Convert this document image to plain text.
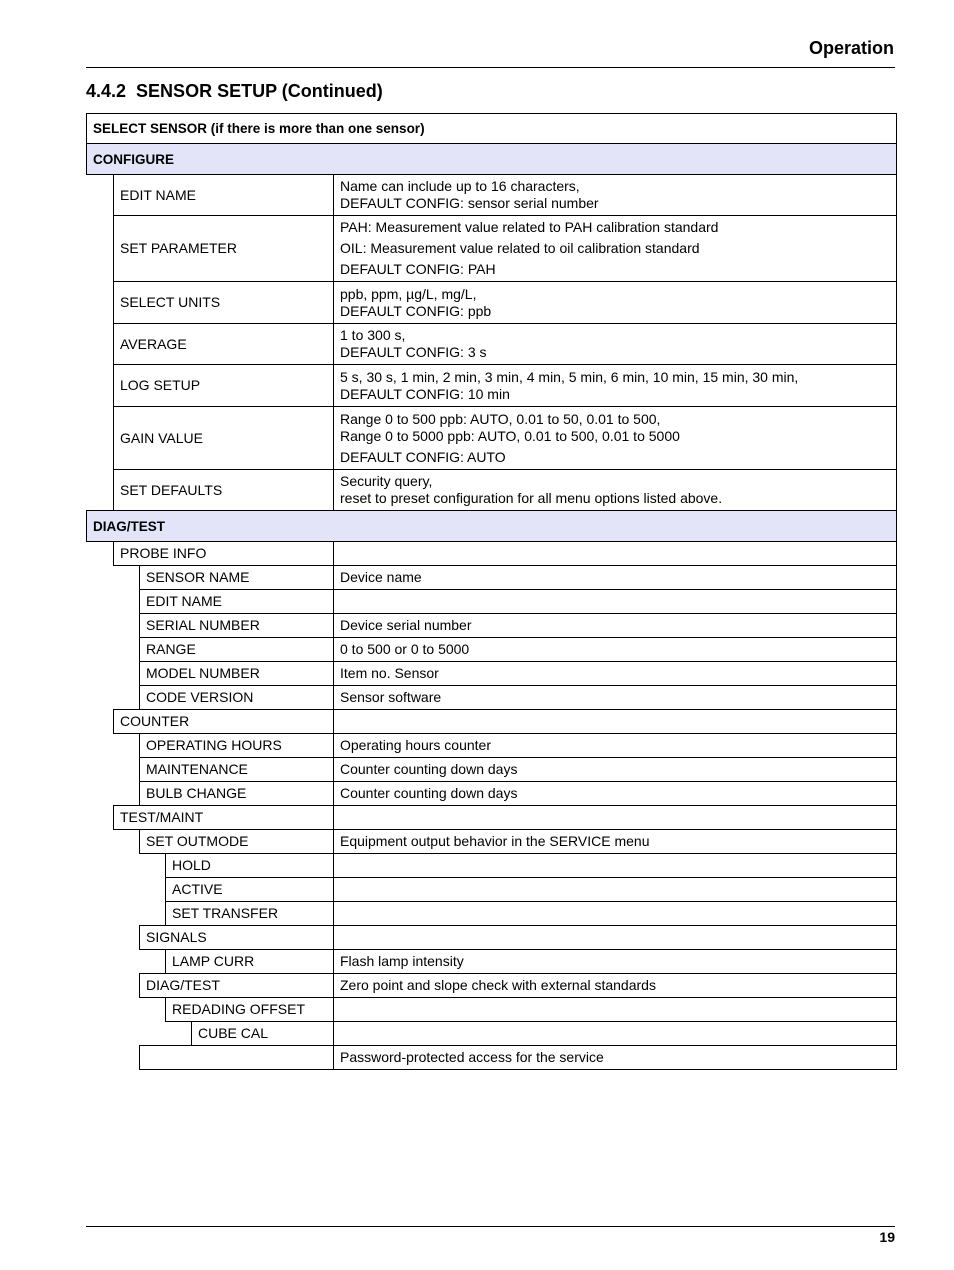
Operation
4.4.2 SENSOR SETUP (Continued)
SELECT SENSOR (if there is more than one sensor)					
CONFIGURE					
	EDIT NAME				Name can include up to 16 characters,
DEFAULT CONFIG: sensor serial number

	SET PARAMETER				PAH: Measurement value related to PAH calibration standard
OIL: Measurement value related to oil calibration standard
DEFAULT CONFIG: PAH

	SELECT UNITS				ppb, ppm, µg/L, mg/L,
DEFAULT CONFIG: ppb

	AVERAGE				1 to 300 s,
DEFAULT CONFIG: 3 s

	LOG SETUP				5 s, 30 s, 1 min, 2 min, 3 min, 4 min, 5 min, 6 min, 10 min, 15 min, 30 min,
DEFAULT CONFIG: 10 min

	GAIN VALUE				Range 0 to 500 ppb: AUTO, 0.01 to 50, 0.01 to 500,
Range 0 to 5000 ppb: AUTO, 0.01 to 500, 0.01 to 5000
DEFAULT CONFIG: AUTO

	SET DEFAULTS				Security query,
reset to preset configuration for all menu options listed above.

DIAG/TEST					
	PROBE INFO				
		SENSOR NAME			Device name
		EDIT NAME			
		SERIAL NUMBER			Device serial number
		RANGE			0 to 500 or 0 to 5000
		MODEL NUMBER			Item no. Sensor
		CODE VERSION			Sensor software
	COUNTER				
		OPERATING HOURS			Operating hours counter
		MAINTENANCE			Counter counting down days
		BULB CHANGE			Counter counting down days
	TEST/MAINT				
		SET OUTMODE			Equipment output behavior in the SERVICE menu
			HOLD		
			ACTIVE		
			SET TRANSFER		
		SIGNALS			
			LAMP CURR		Flash lamp intensity
		DIAG/TEST			Zero point and slope check with external standards
			REDADING OFFSET		
				CUBE CAL	
					Password-protected access for the service
19
